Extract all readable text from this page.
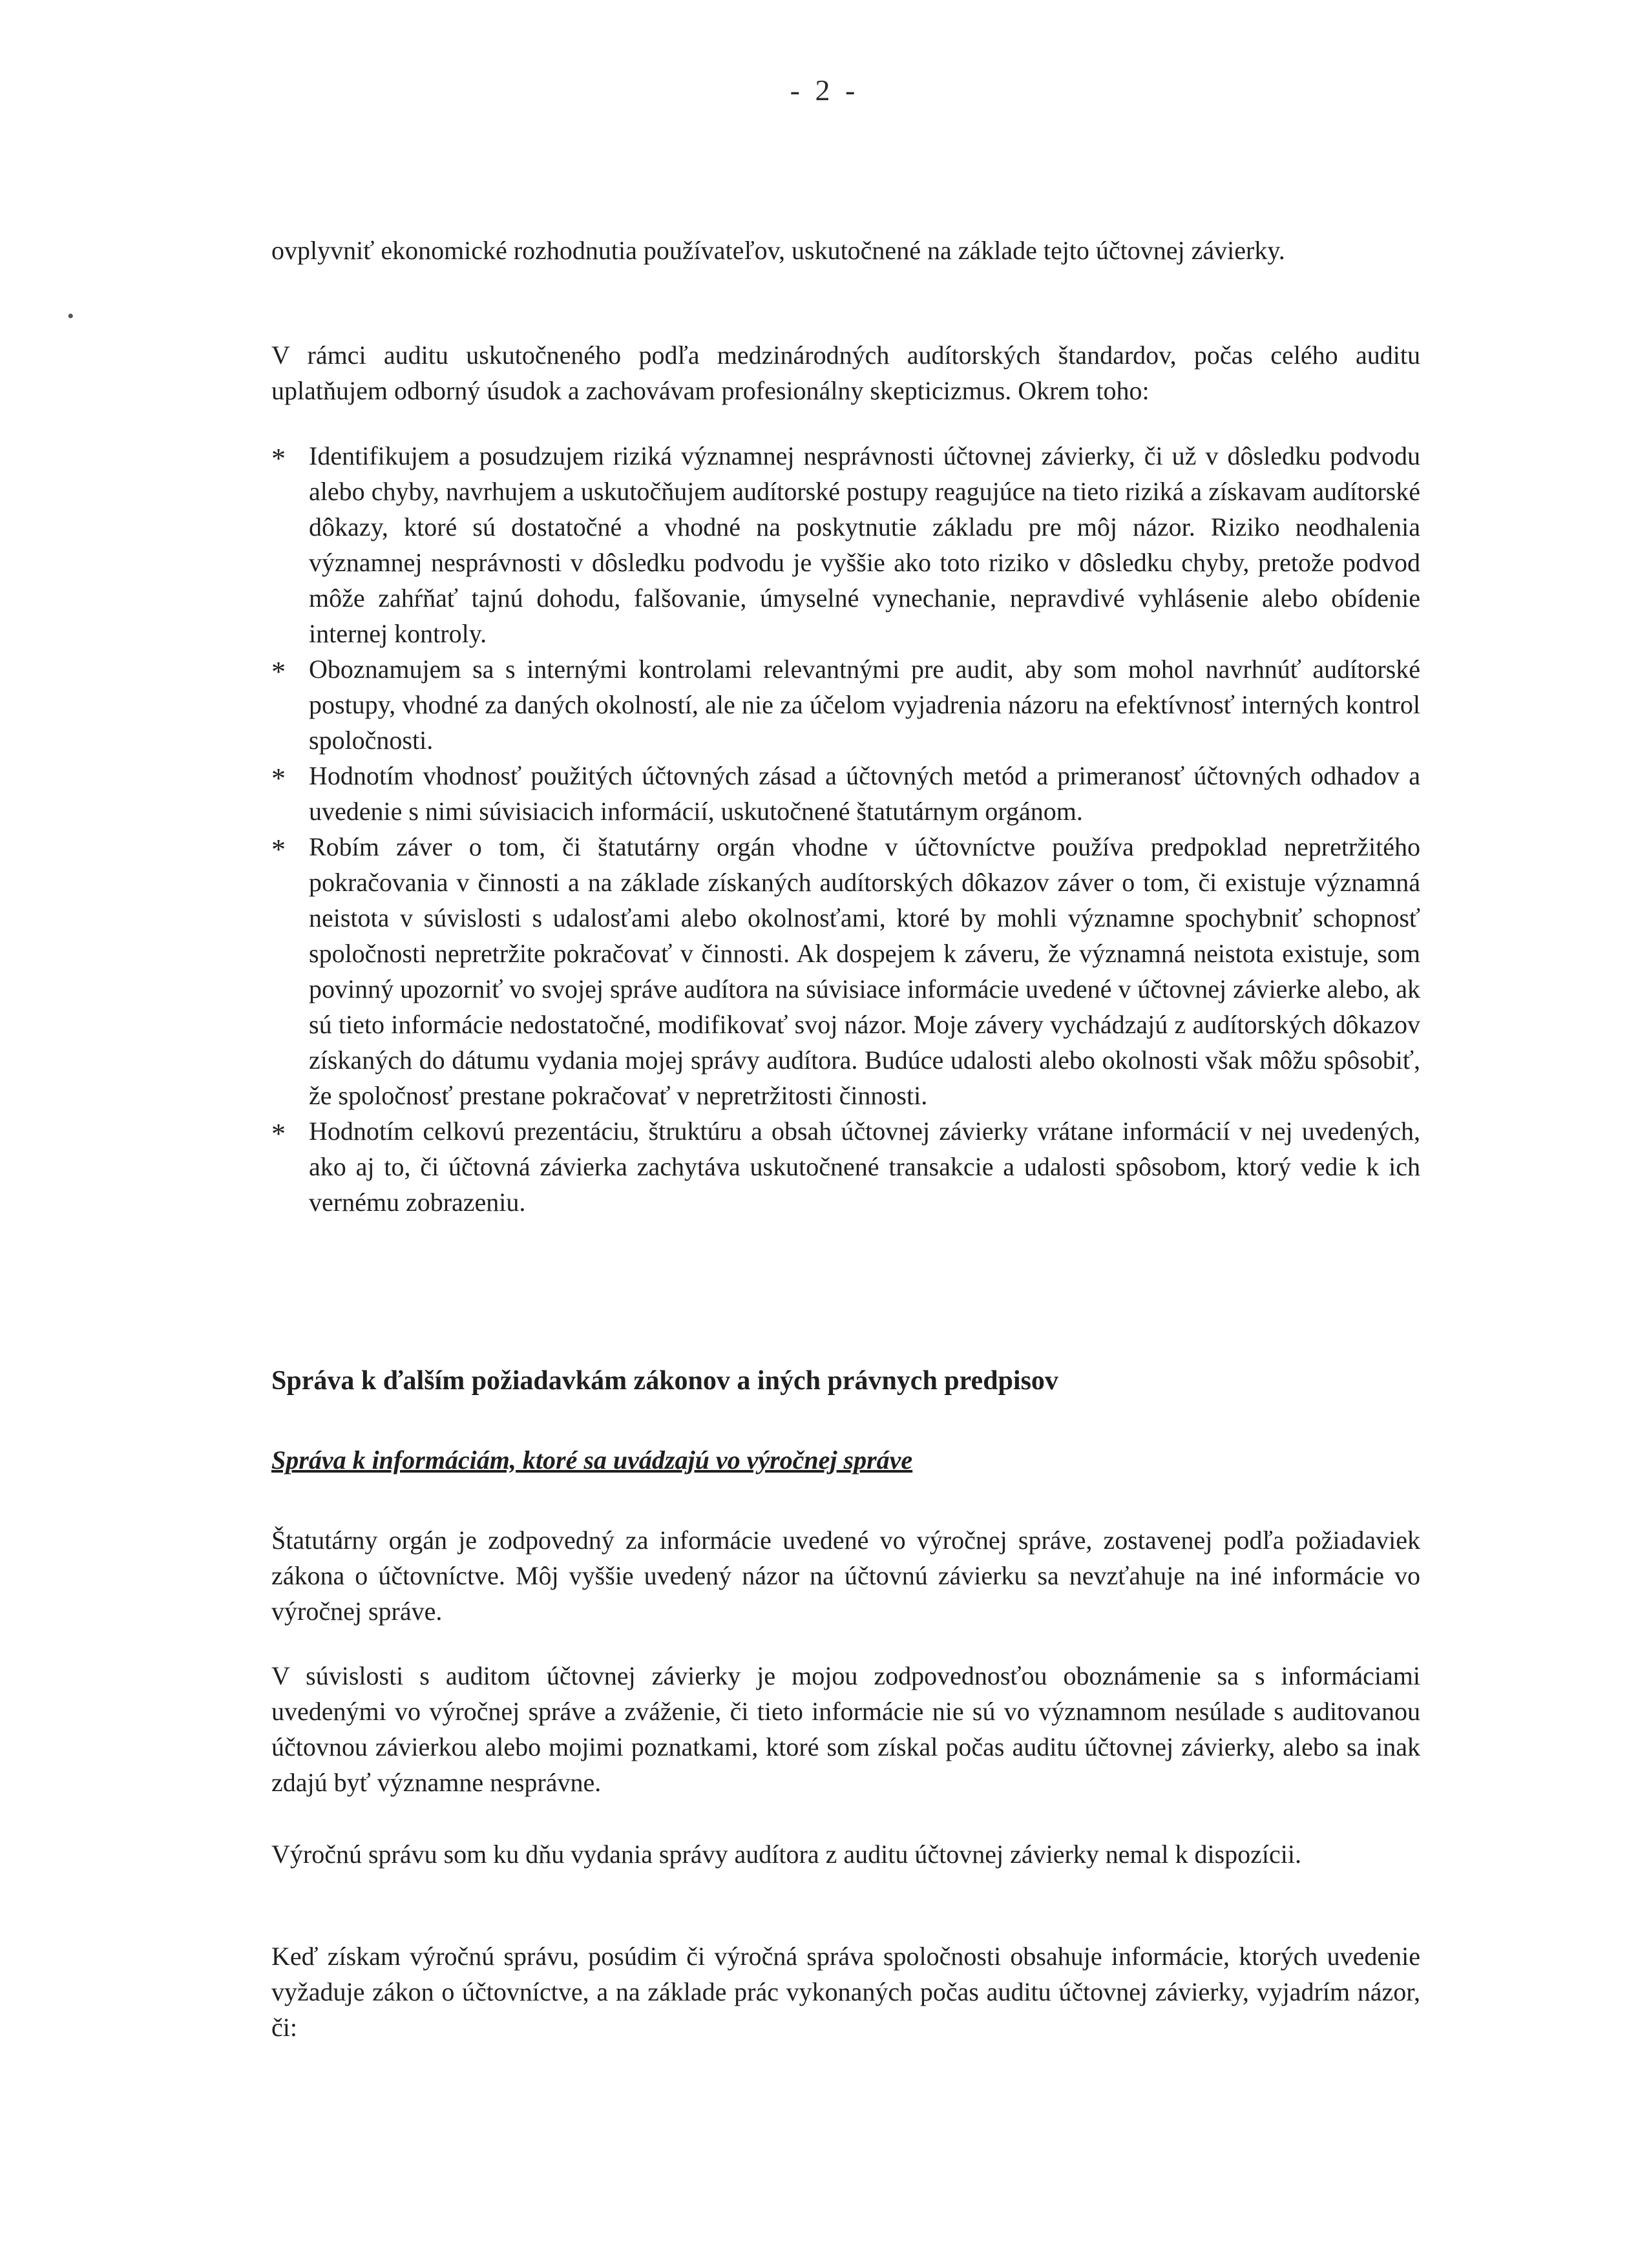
- 2 -
•

ovplyvniť ekonomické rozhodnutia používateľov, uskutočnené na základe tejto účtovnej závierky.

V rámci auditu uskutočneného podľa medzinárodných audítorských štandardov, počas celého auditu uplatňujem odborný úsudok a zachovávam profesionálny skepticizmus. Okrem toho:

* Identifikujem a posudzujem riziká významnej nesprávnosti účtovnej závierky, či už v dôsledku podvodu alebo chyby, navrhujem a uskutočňujem audítorské postupy reagujúce na tieto riziká a získavam audítorské dôkazy, ktoré sú dostatočné a vhodné na poskytnutie základu pre môj názor. Riziko neodhalenia významnej nesprávnosti v dôsledku podvodu je vyššie ako toto riziko v dôsledku chyby, pretože podvod môže zahŕňať tajnú dohodu, falšovanie, úmyselné vynechanie, nepravdivé vyhlásenie alebo obídenie internej kontroly.
* Oboznamujem sa s internými kontrolami relevantnými pre audit, aby som mohol navrhnúť audítorské postupy, vhodné za daných okolností, ale nie za účelom vyjadrenia názoru na efektívnosť interných kontrol spoločnosti.
* Hodnotím vhodnosť použitých účtovných zásad a účtovných metód a primeranosť účtovných odhadov a uvedenie s nimi súvisiacich informácií, uskutočnené štatutárnym orgánom.
* Robím záver o tom, či štatutárny orgán vhodne v účtovníctve používa predpoklad nepretržitého pokračovania v činnosti a na základe získaných audítorských dôkazov záver o tom, či existuje významná neistota v súvislosti s udalosťami alebo okolnosťami, ktoré by mohli významne spochybniť schopnosť spoločnosti nepretržite pokračovať v činnosti. Ak dospejem k záveru, že významná neistota existuje, som povinný upozorniť vo svojej správe audítora na súvisiace informácie uvedené v účtovnej závierke alebo, ak sú tieto informácie nedostatočné, modifikovať svoj názor. Moje závery vychádzajú z audítorských dôkazov získaných do dátumu vydania mojej správy audítora. Budúce udalosti alebo okolnosti však môžu spôsobiť, že spoločnosť prestane pokračovať v nepretržitosti činnosti.
* Hodnotím celkovú prezentáciu, štruktúru a obsah účtovnej závierky vrátane informácií v nej uvedených, ako aj to, či účtovná závierka zachytáva uskutočnené transakcie a udalosti spôsobom, ktorý vedie k ich vernému zobrazeniu.
Správa k ďalším požiadavkám zákonov a iných právnych predpisov
Správa k informáciám, ktoré sa uvádzajú vo výročnej správe

Štatutárny orgán je zodpovedný za informácie uvedené vo výročnej správe, zostavenej podľa požiadaviek zákona o účtovníctve. Môj vyššie uvedený názor na účtovnú závierku sa nevzťahuje na iné informácie vo výročnej správe.

V súvislosti s auditom účtovnej závierky je mojou zodpovednosťou oboznámenie sa s informáciami uvedenými vo výročnej správe a zváženie, či tieto informácie nie sú vo významnom nesúlade s auditovanou účtovnou závierkou alebo mojimi poznatkami, ktoré som získal počas auditu účtovnej závierky, alebo sa inak zdajú byť významne nesprávne.

Výročnú správu som ku dňu vydania správy audítora z auditu účtovnej závierky nemal k dispozícii.

Keď získam výročnú správu, posúdim či výročná správa spoločnosti obsahuje informácie, ktorých uvedenie vyžaduje zákon o účtovníctve, a na základe prác vykonaných počas auditu účtovnej závierky, vyjadrím názor, či:
